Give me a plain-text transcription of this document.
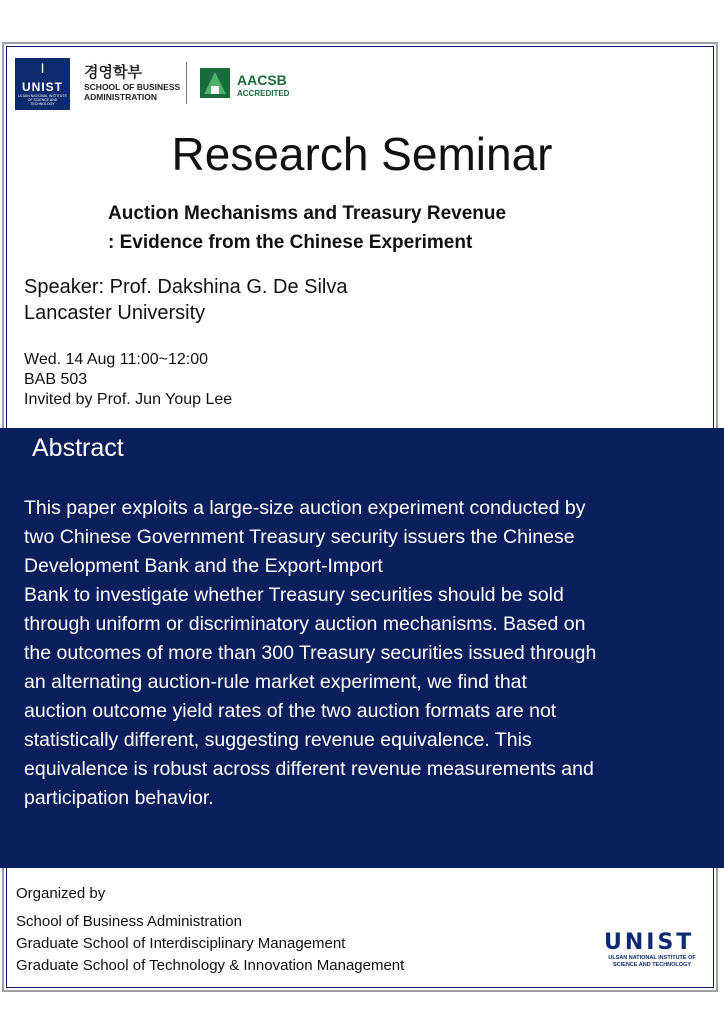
┃
UNIST
ULSAN NATIONAL INSTITUTE OF SCIENCE AND TECHNOLOGY
경영학부
SCHOOL OF BUSINESS ADMINISTRATION
AACSB
ACCREDITED
Research Seminar
Auction Mechanisms and Treasury Revenue
: Evidence from the Chinese Experiment
Speaker: Prof. Dakshina G. De Silva
Lancaster University
Wed. 14 Aug 11:00~12:00
BAB 503
Invited by Prof. Jun Youp Lee
Abstract

This paper exploits a large-size auction experiment conducted by
two Chinese Government Treasury security issuers the Chinese
Development Bank and the Export-Import
Bank to investigate whether Treasury securities should be sold
through uniform or discriminatory auction mechanisms. Based on
the outcomes of more than 300 Treasury securities issued through
an alternating auction-rule market experiment, we find that
auction outcome yield rates of the two auction formats are not
statistically different, suggesting revenue equivalence. This
equivalence is robust across different revenue measurements and
participation behavior.

Organized by
School of Business Administration
Graduate School of Interdisciplinary Management
Graduate School of Technology & Innovation Management
UNIST
ULSAN NATIONAL INSTITUTE OF
SCIENCE AND TECHNOLOGY
